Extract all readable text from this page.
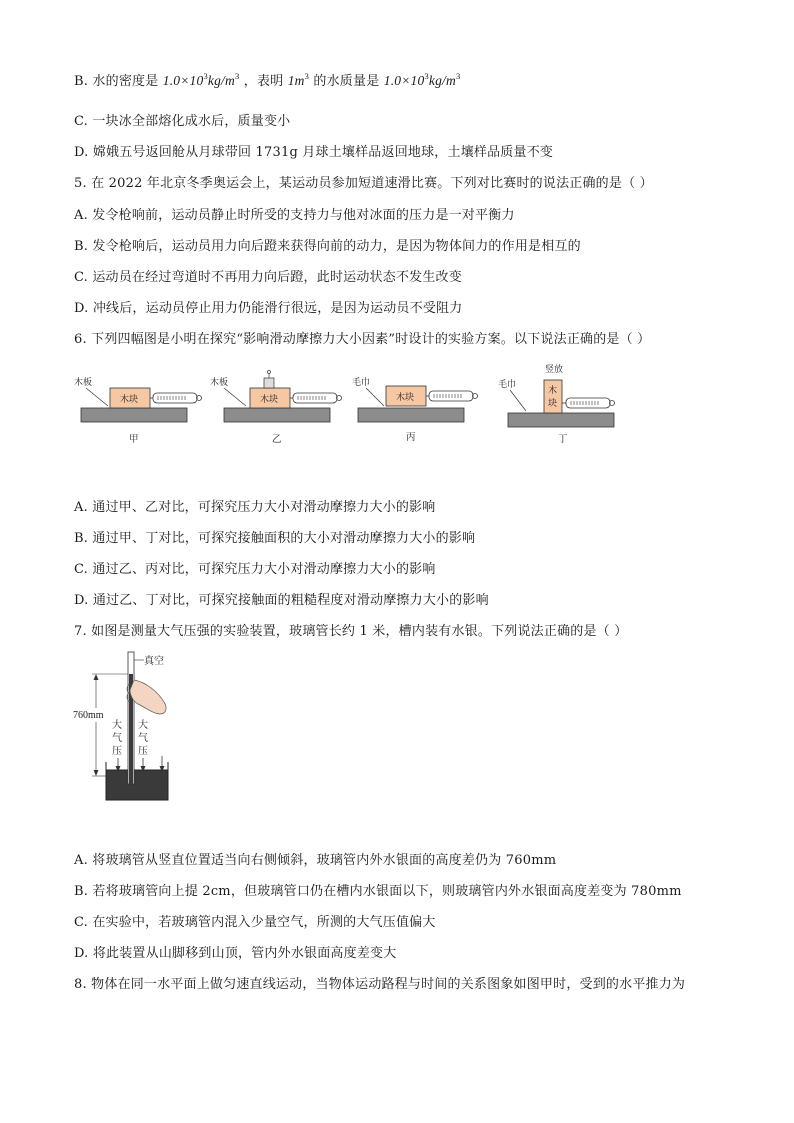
B. 水的密度是 $1.0\times 10^3kg/m^3$ ，表明 $1m^3$ 的水质量是 $1.0\times 10^3kg/m^3$
C. 一块冰全部熔化成水后，质量变小
D. 嫦娥五号返回舱从月球带回 1731g 月球土壤样品返回地球，土壤样品质量不变
5. 在 2022 年北京冬季奥运会上，某运动员参加短道速滑比赛。下列对比赛时的说法正确的是（ ）
A. 发令枪响前，运动员静止时所受的支持力与他对冰面的压力是一对平衡力
B. 发令枪响后，运动员用力向后蹬来获得向前的动力，是因为物体间力的作用是相互的
C. 运动员在经过弯道时不再用力向后蹬，此时运动状态不发生改变
D. 冲线后，运动员停止用力仍能滑行很远，是因为运动员不受阻力
6. 下列四幅图是小明在探究“影响滑动摩擦力大小因素”时设计的实验方案。以下说法正确的是（ ）
木板
木块
甲
木板
木块
乙
毛巾
木块
丙
竖放
毛巾
木
块
丁
A. 通过甲、乙对比，可探究压力大小对滑动摩擦力大小的影响
B. 通过甲、丁对比，可探究接触面积的大小对滑动摩擦力大小的影响
C. 通过乙、丙对比，可探究压力大小对滑动摩擦力大小的影响
D. 通过乙、丁对比，可探究接触面的粗糙程度对滑动摩擦力大小的影响
7. 如图是测量大气压强的实验装置，玻璃管长约 1 米，槽内装有水银。下列说法正确的是（ ）
真空
760mm
大
气
压
大
气
压
A. 将玻璃管从竖直位置适当向右侧倾斜，玻璃管内外水银面的高度差仍为 760mm
B. 若将玻璃管向上提 2cm，但玻璃管口仍在槽内水银面以下，则玻璃管内外水银面高度差变为 780mm
C. 在实验中，若玻璃管内混入少量空气，所测的大气压值偏大
D. 将此装置从山脚移到山顶，管内外水银面高度差变大
8. 物体在同一水平面上做匀速直线运动，当物体运动路程与时间的关系图象如图甲时，受到的水平推力为
